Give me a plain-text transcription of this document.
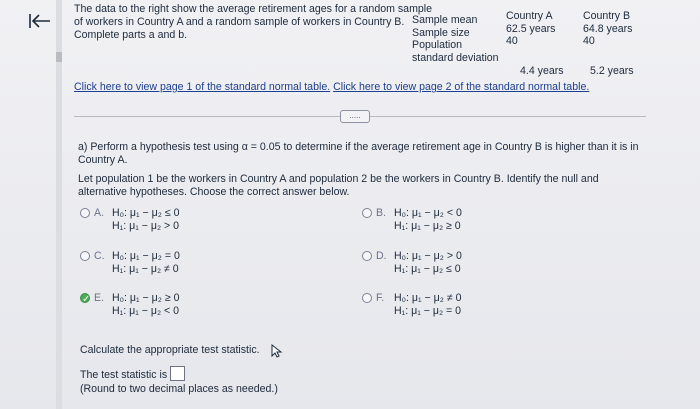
The data to the right show the average retirement ages for a random sample of workers in Country A and a random sample of workers in Country B. Complete parts a and b.
Sample mean
Sample size
Population
standard deviation
Country A
62.5 years
40
Country B
64.8 years
40
4.4 years 5.2 years
Click here to view page 1 of the standard normal table. Click here to view page 2 of the standard normal table.
.....
a) Perform a hypothesis test using α = 0.05 to determine if the average retirement age in Country B is higher than it is in Country A.
Let population 1 be the workers in Country A and population 2 be the workers in Country B. Identify the null and alternative hypotheses. Choose the correct answer below.
A. H₀: μ₁ − μ₂ ≤ 0
H₁: μ₁ − μ₂ > 0
B. H₀: μ₁ − μ₂ < 0
H₁: μ₁ − μ₂ ≥ 0
C. H₀: μ₁ − μ₂ = 0
H₁: μ₁ − μ₂ ≠ 0
D. H₀: μ₁ − μ₂ > 0
H₁: μ₁ − μ₂ ≤ 0
✓ E. H₀: μ₁ − μ₂ ≥ 0
H₁: μ₁ − μ₂ < 0
F. H₀: μ₁ − μ₂ ≠ 0
H₁: μ₁ − μ₂ = 0
Calculate the appropriate test statistic.
The test statistic is
(Round to two decimal places as needed.)
